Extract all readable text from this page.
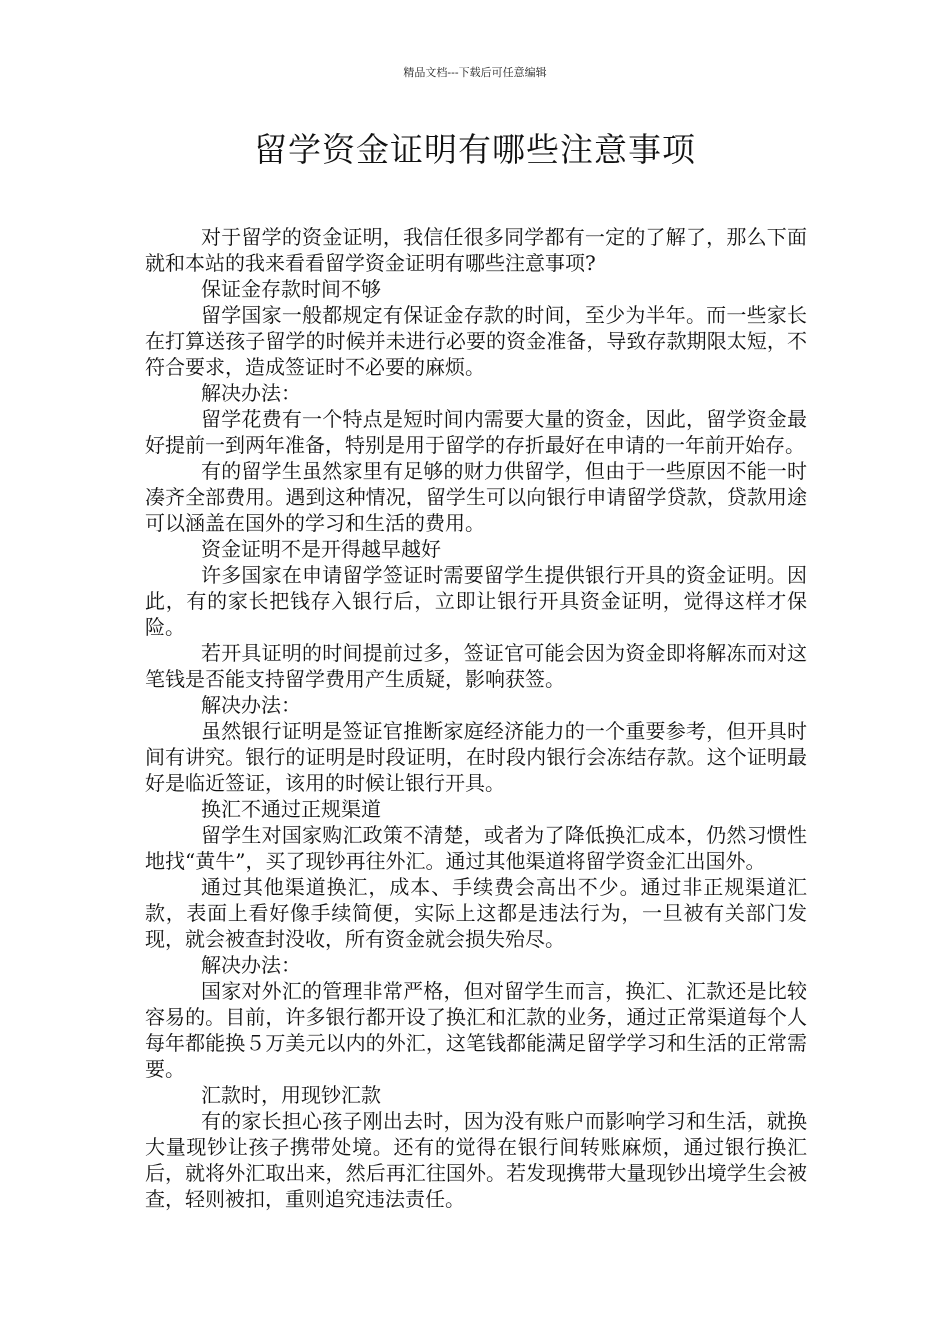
精品文档---下载后可任意编辑
留学资金证明有哪些注意事项

对于留学的资金证明，我信任很多同学都有一定的了解了，那么下面就和本站的我来看看留学资金证明有哪些注意事项?

保证金存款时间不够

留学国家一般都规定有保证金存款的时间，至少为半年。而一些家长在打算送孩子留学的时候并未进行必要的资金准备，导致存款期限太短，不符合要求，造成签证时不必要的麻烦。

解决办法：

留学花费有一个特点是短时间内需要大量的资金，因此，留学资金最好提前一到两年准备，特别是用于留学的存折最好在申请的一年前开始存。

有的留学生虽然家里有足够的财力供留学，但由于一些原因不能一时凑齐全部费用。遇到这种情况，留学生可以向银行申请留学贷款，贷款用途可以涵盖在国外的学习和生活的费用。

资金证明不是开得越早越好

许多国家在申请留学签证时需要留学生提供银行开具的资金证明。因此，有的家长把钱存入银行后，立即让银行开具资金证明，觉得这样才保险。

若开具证明的时间提前过多，签证官可能会因为资金即将解冻而对这笔钱是否能支持留学费用产生质疑，影响获签。

解决办法：

虽然银行证明是签证官推断家庭经济能力的一个重要参考，但开具时间有讲究。银行的证明是时段证明，在时段内银行会冻结存款。这个证明最好是临近签证，该用的时候让银行开具。

换汇不通过正规渠道

留学生对国家购汇政策不清楚，或者为了降低换汇成本，仍然习惯性地找“黄牛”，买了现钞再往外汇。通过其他渠道将留学资金汇出国外。

通过其他渠道换汇，成本、手续费会高出不少。通过非正规渠道汇款，表面上看好像手续简便，实际上这都是违法行为，一旦被有关部门发现，就会被查封没收，所有资金就会损失殆尽。

解决办法：

国家对外汇的管理非常严格，但对留学生而言，换汇、汇款还是比较容易的。目前，许多银行都开设了换汇和汇款的业务，通过正常渠道每个人每年都能换５万美元以内的外汇，这笔钱都能满足留学学习和生活的正常需要。

汇款时，用现钞汇款

有的家长担心孩子刚出去时，因为没有账户而影响学习和生活，就换大量现钞让孩子携带处境。还有的觉得在银行间转账麻烦，通过银行换汇后，就将外汇取出来，然后再汇往国外。若发现携带大量现钞出境学生会被查，轻则被扣，重则追究违法责任。
